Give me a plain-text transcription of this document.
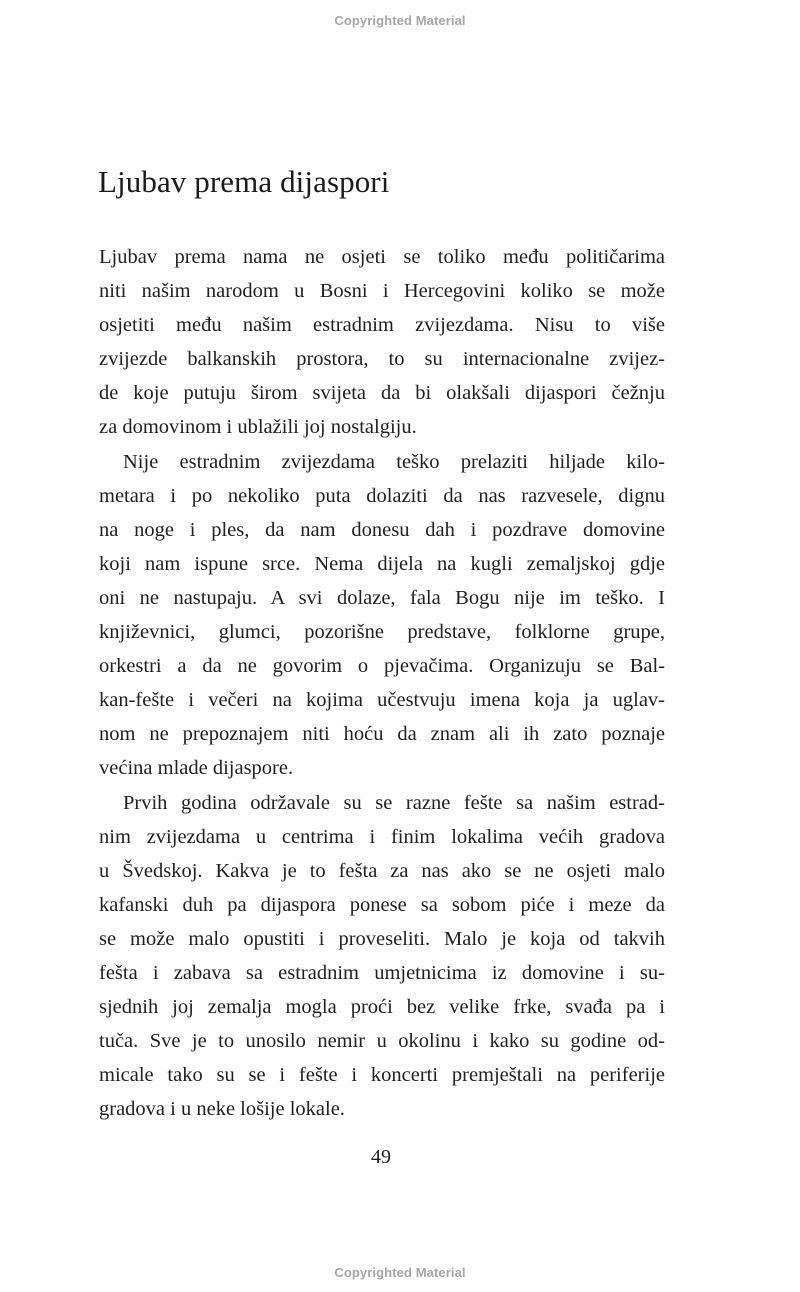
Copyrighted Material
Ljubav prema dijaspori

Ljubav prema nama ne osjeti se toliko među političarima
niti našim narodom u Bosni i Hercegovini koliko se može
osjetiti među našim estradnim zvijezdama. Nisu to više
zvijezde balkanskih prostora, to su internacionalne zvijez-
de koje putuju širom svijeta da bi olakšali dijaspori čežnju
za domovinom i ublažili joj nostalgiju.

Nije estradnim zvijezdama teško prelaziti hiljade kilo-
metara i po nekoliko puta dolaziti da nas razvesele, dignu
na noge i ples, da nam donesu dah i pozdrave domovine
koji nam ispune srce. Nema dijela na kugli zemaljskoj gdje
oni ne nastupaju. A svi dolaze, fala Bogu nije im teško. I
književnici, glumci, pozorišne predstave, folklorne grupe,
orkestri a da ne govorim o pjevačima. Organizuju se Bal-
kan-fešte i večeri na kojima učestvuju imena koja ja uglav-
nom ne prepoznajem niti hoću da znam ali ih zato poznaje
većina mlade dijaspore.

Prvih godina održavale su se razne fešte sa našim estrad-
nim zvijezdama u centrima i finim lokalima većih gradova
u Švedskoj. Kakva je to fešta za nas ako se ne osjeti malo
kafanski duh pa dijaspora ponese sa sobom piće i meze da
se može malo opustiti i proveseliti. Malo je koja od takvih
fešta i zabava sa estradnim umjetnicima iz domovine i su-
sjednih joj zemalja mogla proći bez velike frke, svađa pa i
tuča. Sve je to unosilo nemir u okolinu i kako su godine od-
micale tako su se i fešte i koncerti premještali na periferije
gradova i u neke lošije lokale.

49
Copyrighted Material
